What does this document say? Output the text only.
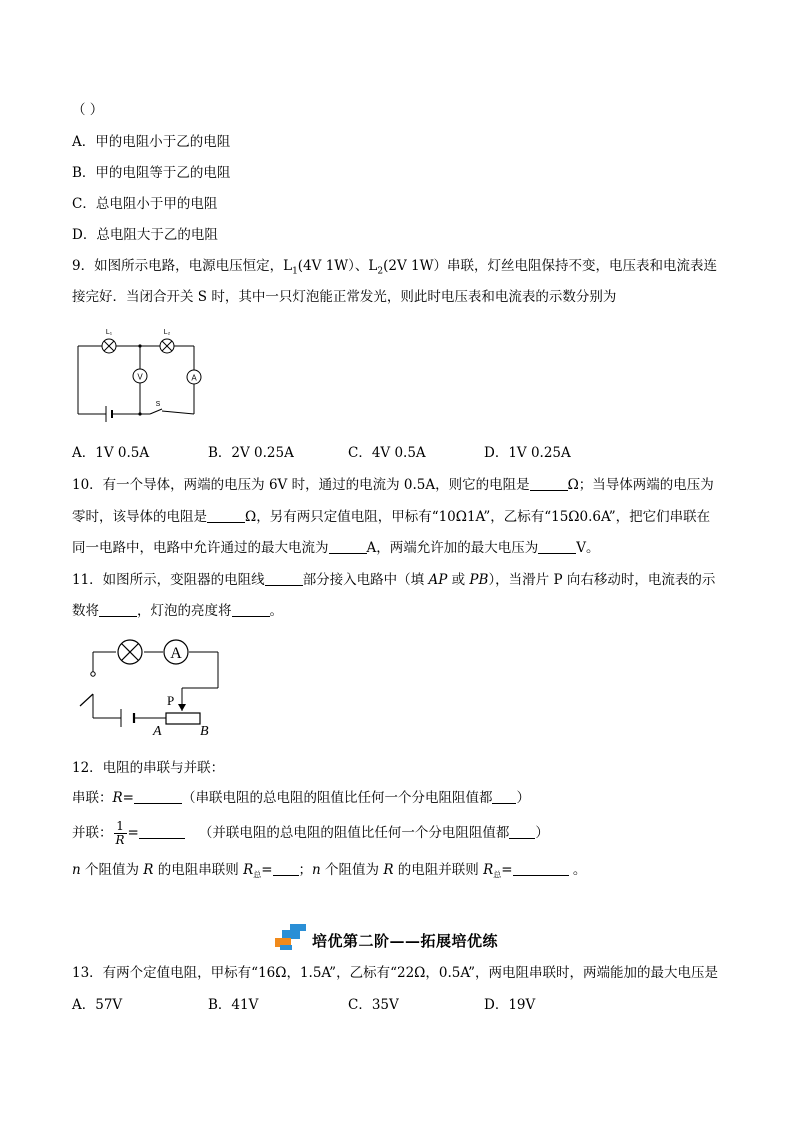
（ ）
A．甲的电阻小于乙的电阻
B．甲的电阻等于乙的电阻
C．总电阻小于甲的电阻
D．总电阻大于乙的电阻
9．如图所示电路，电源电压恒定，$L_1(4V$ 1W）、$L_2(2V$ 1W）串联，灯丝电阻保持不变，电压表和电流表连
接完好．当闭合开关 S 时，其中一只灯泡能正常发光，则此时电压表和电流表的示数分别为
V	A
L₁	L₂
S
A．1V 0.5A	B．2V 0.25A	C．4V 0.5A	D．1V 0.25A
10．有一个导体，两端的电压为 6V 时，通过的电流为 0.5A，则它的电阻是	Ω；当导体两端的电压为
零时，该导体的电阻是	Ω，另有两只定值电阻，甲标有“10Ω1A”，乙标有“15Ω0.6A”，把它们串联在
同一电路中，电路中允许通过的最大电流为	A，两端允许加的最大电压为	V。
11．如图所示，变阻器的电阻线	部分接入电路中（填 AP 或 PB），当滑片 P 向右移动时，电流表的示
数将	，灯泡的亮度将	。
A
P
A	B
12．电阻的串联与并联：
串联：R=	（串联电阻的总电阻的阻值比任何一个分电阻阻值都 ）
并联： $\frac{1}{R}$ =	（并联电阻的总电阻的阻值比任何一个分电阻阻值都 ）
n 个阻值为 R 的电阻串联则 $R_总=$ ；n 个阻值为 R 的电阻并联则 $R_总=$	。
培优第二阶——拓展培优练
13．有两个定值电阻，甲标有“16Ω，1.5A”，乙标有“22Ω，0.5A”，两电阻串联时，两端能加的最大电压是
A．57V	B．41V	C．35V	D．19V
